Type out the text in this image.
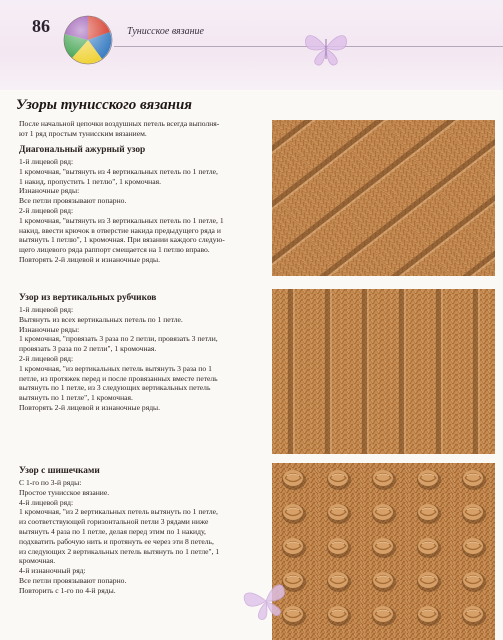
86	Тунисское вязание
Узоры тунисского вязания
После начальной цепочки воздушных петель всегда выполня-
ют 1 ряд простым тунисским вязанием.
Диагональный ажурный узор
1-й лицевой ряд:
1 кромочная, "вытянуть из 4 вертикальных петель по 1 петле,
1 накид, пропустить 1 петлю", 1 кромочная.
Изнаночные ряды:
Все петли провязывают попарно.
2-й лицевой ряд:
1 кромочная, "вытянуть из 3 вертикальных петель по 1 петле, 1
накид, ввести крючок в отверстие накида предыдущего ряда и
вытянуть 1 петлю", 1 кромочная. При вязании каждого следую-
щего лицевого ряда раппорт смещается на 1 петлю вправо.
Повторять 2-й лицевой и изнаночные ряды.
Узор из вертикальных рубчиков
1-й лицевой ряд:
Вытянуть из всех вертикальных петель по 1 петле.
Изнаночные ряды:
1 кромочная, "провязать 3 раза по 2 петли, провязать 3 петли,
провязать 3 раза по 2 петли", 1 кромочная.
2-й лицевой ряд:
1 кромочная, "из вертикальных петель вытянуть 3 раза по 1
петле, из протяжек перед и после провязанных вместе петель
вытянуть по 1 петле, из 3 следующих вертикальных петель
вытянуть по 1 петле", 1 кромочная.
Повторять 2-й лицевой и изнаночные ряды.
Узор с шишечками
С 1-го по 3-й ряды:
Простое тунисское вязание.
4-й лицевой ряд:
1 кромочная, "из 2 вертикальных петель вытянуть по 1 петле,
из соответствующей горизонтальной петли 3 рядами ниже
вытянуть 4 раза по 1 петле, делая перед этим по 1 накиду,
подхватить рабочую нить и протянуть ее через эти 8 петель,
из следующих 2 вертикальных петель вытянуть по 1 петле", 1
кромочная.
4-й изнаночный ряд:
Все петли провязывают попарно.
Повторить с 1-го по 4-й ряды.
